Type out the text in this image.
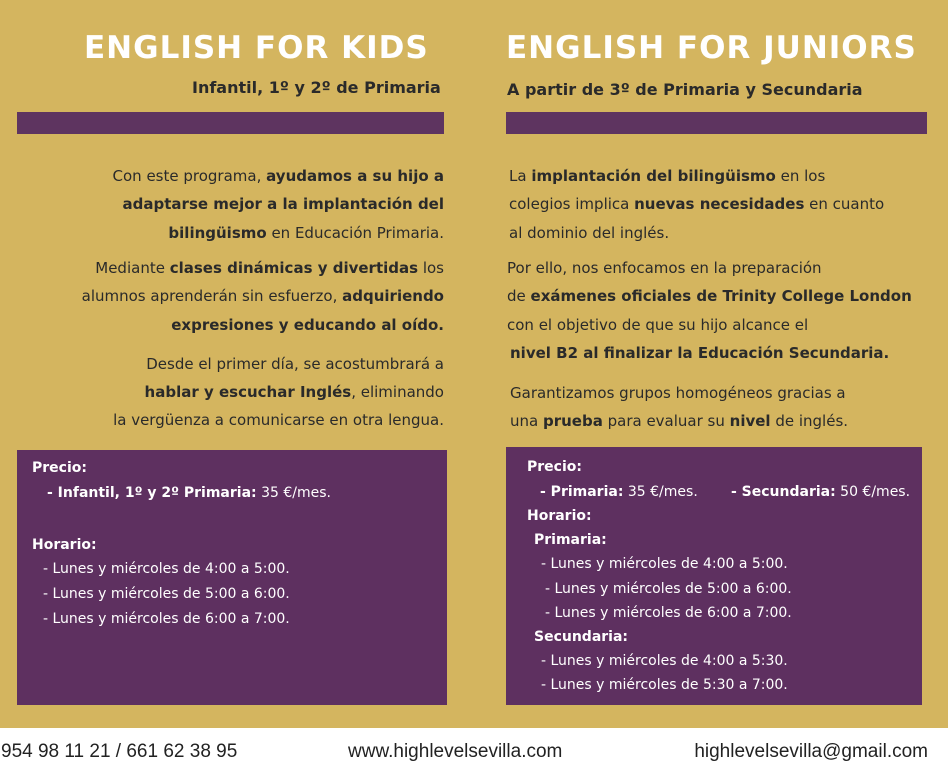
ENGLISH FOR KIDS
Infantil, 1º y 2º de Primaria
Con este programa, ayudamos a su hijo a
adaptarse mejor a la implantación del
bilingüismo en Educación Primaria.
Mediante clases dinámicas y divertidas los
alumnos aprenderán sin esfuerzo, adquiriendo
expresiones y educando al oído.
Desde el primer día, se acostumbrará a
hablar y escuchar Inglés, eliminando
la vergüenza a comunicarse en otra lengua.
Precio:
- Infantil, 1º y 2º Primaria: 35 €/mes.
Horario:
- Lunes y miércoles de 4:00 a 5:00.
- Lunes y miércoles de 5:00 a 6:00.
- Lunes y miércoles de 6:00 a 7:00.
ENGLISH FOR JUNIORS
A partir de 3º de Primaria y Secundaria
La implantación del bilingüismo en los
colegios implica nuevas necesidades en cuanto
al dominio del inglés.
Por ello, nos enfocamos en la preparación
de exámenes oficiales de Trinity College London
con el objetivo de que su hijo alcance el
nivel B2 al finalizar la Educación Secundaria.
Garantizamos grupos homogéneos gracias a
una prueba para evaluar su nivel de inglés.
Precio:
- Primaria: 35 €/mes. - Secundaria: 50 €/mes.
Horario:
Primaria:
- Lunes y miércoles de 4:00 a 5:00.
- Lunes y miércoles de 5:00 a 6:00.
- Lunes y miércoles de 6:00 a 7:00.
Secundaria:
- Lunes y miércoles de 4:00 a 5:30.
- Lunes y miércoles de 5:30 a 7:00.
954 98 11 21 / 661 62 38 95	www.highlevelsevilla.com	highlevelsevilla@gmail.com
